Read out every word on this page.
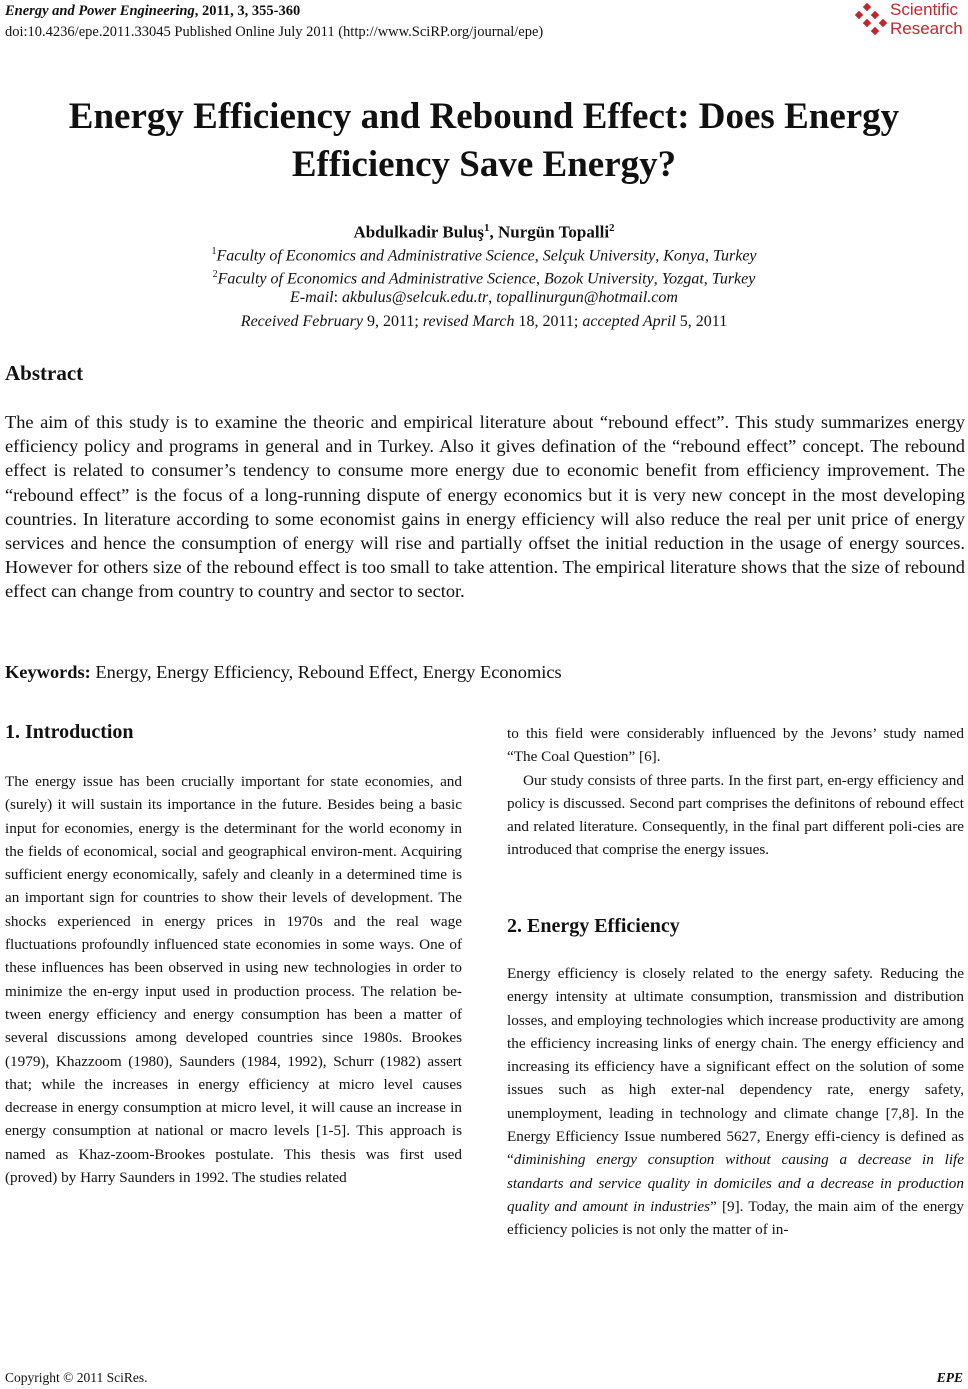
Energy and Power Engineering, 2011, 3, 355-360
doi:10.4236/epe.2011.33045 Published Online July 2011 (http://www.SciRP.org/journal/epe)
Scientific
Research
Energy Efficiency and Rebound Effect: Does Energy
Efficiency Save Energy?
Abdulkadir Buluş$^1$, Nurgün Topalli$^2$
$^1$Faculty of Economics and Administrative Science, Selçuk University, Konya, Turkey
$^2$Faculty of Economics and Administrative Science, Bozok University, Yozgat, Turkey
E-mail: akbulus@selcuk.edu.tr, topallinurgun@hotmail.com
Received February 9, 2011; revised March 18, 2011; accepted April 5, 2011
Abstract
The aim of this study is to examine the theoric and empirical literature about “rebound effect”. This study summarizes energy efficiency policy and programs in general and in Turkey. Also it gives defination of the “rebound effect” concept. The rebound effect is related to consumer’s tendency to consume more energy due to economic benefit from efficiency improvement. The “rebound effect” is the focus of a long-running dispute of energy economics but it is very new concept in the most developing countries. In literature according to some economist gains in energy efficiency will also reduce the real per unit price of energy services and hence the consumption of energy will rise and partially offset the initial reduction in the usage of energy sources. However for others size of the rebound effect is too small to take attention. The empirical literature shows that the size of rebound effect can change from country to country and sector to sector.
Keywords: Energy, Energy Efficiency, Rebound Effect, Energy Economics
1. Introduction

The energy issue has been crucially important for state economies, and (surely) it will sustain its importance in the future. Besides being a basic input for economies, energy is the determinant for the world economy in the fields of economical, social and geographical environ-ment. Acquiring sufficient energy economically, safely and cleanly in a determined time is an important sign for countries to show their levels of development. The shocks experienced in energy prices in 1970s and the real wage fluctuations profoundly influenced state economies in some ways. One of these influences has been observed in using new technologies in order to minimize the en-ergy input used in production process. The relation be-tween energy efficiency and energy consumption has been a matter of several discussions among developed countries since 1980s. Brookes (1979), Khazzoom (1980), Saunders (1984, 1992), Schurr (1982) assert that; while the increases in energy efficiency at micro level causes decrease in energy consumption at micro level, it will cause an increase in energy consumption at national or macro levels [1-5]. This approach is named as Khaz-zoom-Brookes postulate. This thesis was first used (proved) by Harry Saunders in 1992. The studies related

to this field were considerably influenced by the Jevons’ study named “The Coal Question” [6].

Our study consists of three parts. In the first part, en-ergy efficiency and policy is discussed. Second part comprises the definitons of rebound effect and related literature. Consequently, in the final part different poli-cies are introduced that comprise the energy issues.

2. Energy Efficiency

Energy efficiency is closely related to the energy safety. Reducing the energy intensity at ultimate consumption, transmission and distribution losses, and employing technologies which increase productivity are among the efficiency increasing links of energy chain. The energy efficiency and increasing its efficiency have a significant effect on the solution of some issues such as high exter-nal dependency rate, energy safety, unemployment, leading in technology and climate change [7,8]. In the Energy Efficiency Issue numbered 5627, Energy effi-ciency is defined as “diminishing energy consuption without causing a decrease in life standarts and service quality in domiciles and a decrease in production quality and amount in industries” [9]. Today, the main aim of the energy efficiency policies is not only the matter of in-

Copyright © 2011 SciRes.	EPE
